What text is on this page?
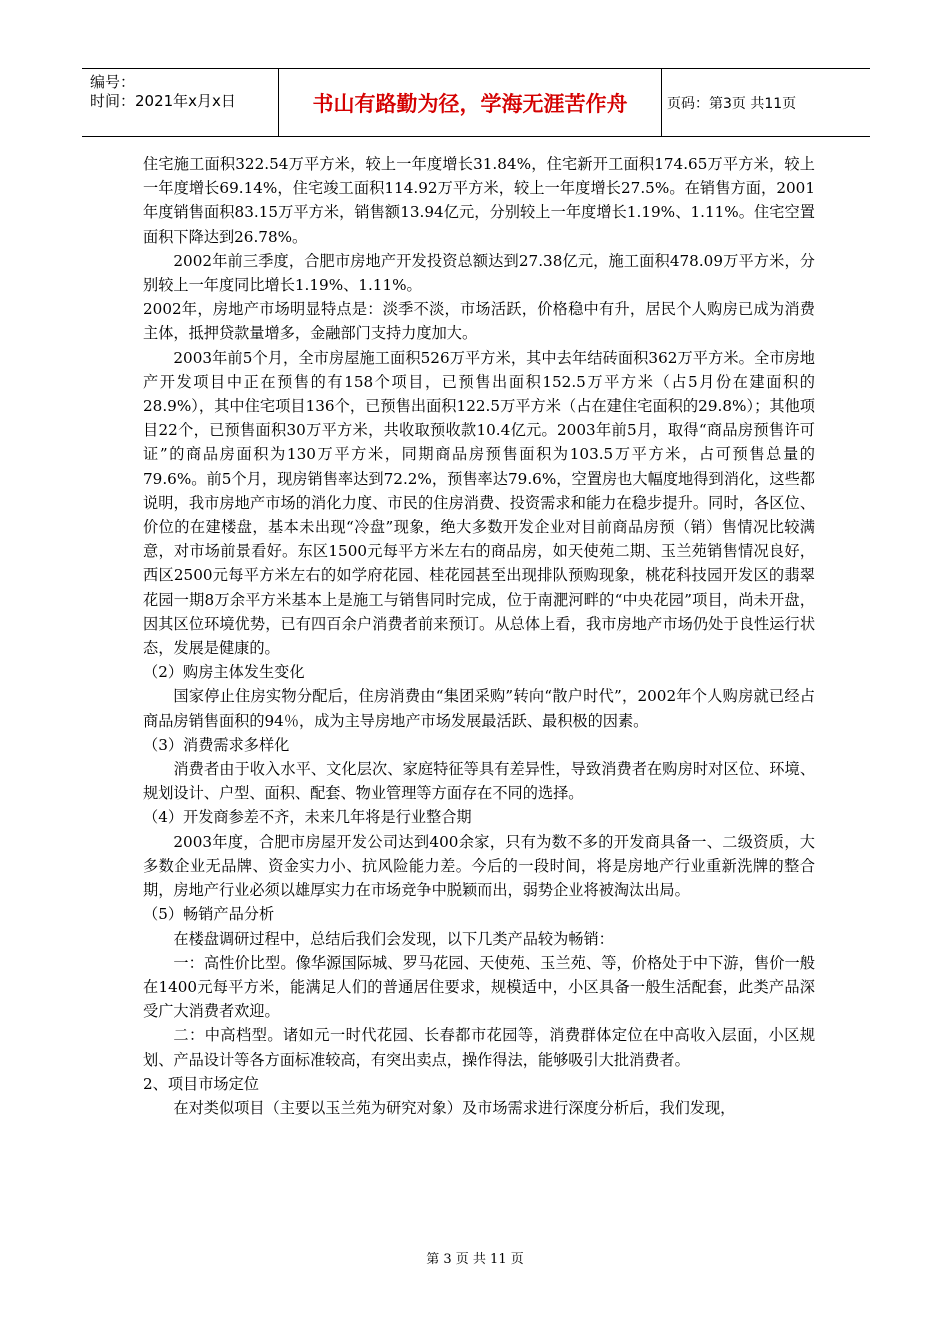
编号：
时间：2021年x月x日	书山有路勤为径，学海无涯苦作舟	页码：第3页 共11页

住宅施工面积322.54万平方米，较上一年度增长31.84%，住宅新开工面积174.65万平方米，较上一年度增长69.14%，住宅竣工面积114.92万平方米，较上一年度增长27.5%。在销售方面，2001年度销售面积83.15万平方米，销售额13.94亿元，分别较上一年度增长1.19%、1.11%。住宅空置面积下降达到26.78%。

2002年前三季度，合肥市房地产开发投资总额达到27.38亿元，施工面积478.09万平方米，分别较上一年度同比增长1.19%、1.11%。

2002年，房地产市场明显特点是：淡季不淡，市场活跃，价格稳中有升，居民个人购房已成为消费主体，抵押贷款量增多，金融部门支持力度加大。

2003年前5个月，全市房屋施工面积526万平方米，其中去年结砖面积362万平方米。全市房地产开发项目中正在预售的有158个项目，已预售出面积152.5万平方米（占5月份在建面积的28.9%），其中住宅项目136个，已预售出面积122.5万平方米（占在建住宅面积的29.8%）；其他项目22个，已预售面积30万平方米，共收取预收款10.4亿元。2003年前5月，取得“商品房预售许可证”的商品房面积为130万平方米，同期商品房预售面积为103.5万平方米，占可预售总量的79.6%。前5个月，现房销售率达到72.2%，预售率达79.6%，空置房也大幅度地得到消化，这些都说明，我市房地产市场的消化力度、市民的住房消费、投资需求和能力在稳步提升。同时，各区位、价位的在建楼盘，基本未出现“冷盘”现象，绝大多数开发企业对目前商品房预（销）售情况比较满意，对市场前景看好。东区1500元每平方米左右的商品房，如天使苑二期、玉兰苑销售情况良好，西区2500元每平方米左右的如学府花园、桂花园甚至出现排队预购现象，桃花科技园开发区的翡翠花园一期8万余平方米基本上是施工与销售同时完成，位于南淝河畔的“中央花园”项目，尚未开盘，因其区位环境优势，已有四百余户消费者前来预订。从总体上看，我市房地产市场仍处于良性运行状态，发展是健康的。

（2）购房主体发生变化

国家停止住房实物分配后，住房消费由“集团采购”转向“散户时代”，2002年个人购房就已经占商品房销售面积的94％，成为主导房地产市场发展最活跃、最积极的因素。

（3）消费需求多样化

消费者由于收入水平、文化层次、家庭特征等具有差异性，导致消费者在购房时对区位、环境、规划设计、户型、面积、配套、物业管理等方面存在不同的选择。

（4）开发商参差不齐，未来几年将是行业整合期

2003年度，合肥市房屋开发公司达到400余家，只有为数不多的开发商具备一、二级资质，大多数企业无品牌、资金实力小、抗风险能力差。今后的一段时间，将是房地产行业重新洗牌的整合期，房地产行业必须以雄厚实力在市场竞争中脱颖而出，弱势企业将被淘汰出局。

（5）畅销产品分析

在楼盘调研过程中，总结后我们会发现，以下几类产品较为畅销：

一：高性价比型。像华源国际城、罗马花园、天使苑、玉兰苑、等，价格处于中下游，售价一般在1400元每平方米，能满足人们的普通居住要求，规模适中，小区具备一般生活配套，此类产品深受广大消费者欢迎。

二：中高档型。诸如元一时代花园、长春都市花园等，消费群体定位在中高收入层面，小区规划、产品设计等各方面标准较高，有突出卖点，操作得法，能够吸引大批消费者。

2、项目市场定位

在对类似项目（主要以玉兰苑为研究对象）及市场需求进行深度分析后，我们发现，

第 3 页 共 11 页
